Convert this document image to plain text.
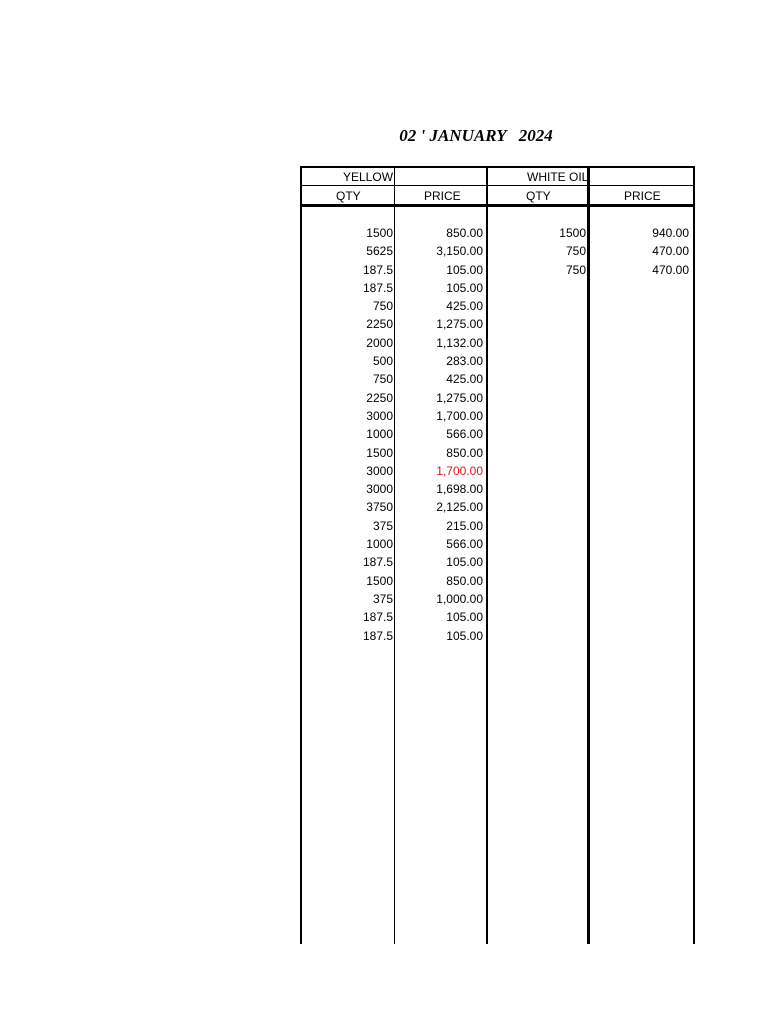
02 ' JANUARY   2024
YELLOW	WHITE OIL
QTY	PRICE	QTY	PRICE
1500	850.00	1500	940.00
5625	3,150.00	750	470.00
187.5	105.00	750	470.00
187.5	105.00
750	425.00
2250	1,275.00
2000	1,132.00
500	283.00
750	425.00
2250	1,275.00
3000	1,700.00
1000	566.00
1500	850.00
3000	1,700.00
3000	1,698.00
3750	2,125.00
375	215.00
1000	566.00
187.5	105.00
1500	850.00
375	1,000.00
187.5	105.00
187.5	105.00
